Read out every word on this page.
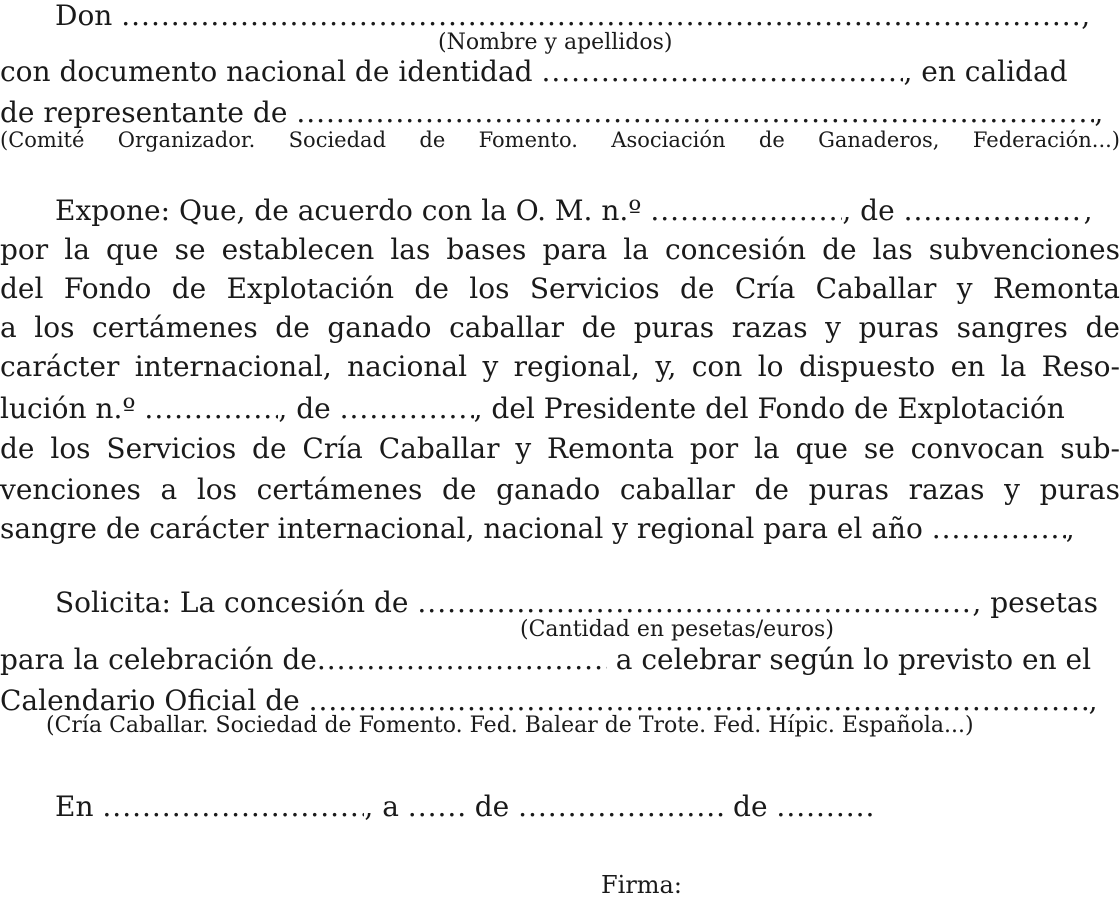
Don .....	,
(Nombre y apellidos)
con documento nacional de identidad .....	, en calidad
de representante de .....	,
(Comité Organizador. Sociedad de Fomento. Asociación de Ganaderos, Federación...)
Expone: Que, de acuerdo con la O. M. n.º .....	, de .....	,
por la que se establecen las bases para la concesión de las subvenciones
del Fondo de Explotación de los Servicios de Cría Caballar y Remonta
a los certámenes de ganado caballar de puras razas y puras sangres de
carácter internacional, nacional y regional, y, con lo dispuesto en la Reso-
lución n.º .....	, de .....	, del Presidente del Fondo de Explotación
de los Servicios de Cría Caballar y Remonta por la que se convocan sub-
venciones a los certámenes de ganado caballar de puras razas y puras
sangre de carácter internacional, nacional y regional para el año .....	,
Solicita: La concesión de .....	, pesetas
(Cantidad en pesetas/euros)
para la celebración de .....	a celebrar según lo previsto en el
Calendario Oficial de .....	,
(Cría Caballar. Sociedad de Fomento. Fed. Balear de Trote. Fed. Hípic. Española...)
En .....	, a .....	de .....	de .....
Firma:
